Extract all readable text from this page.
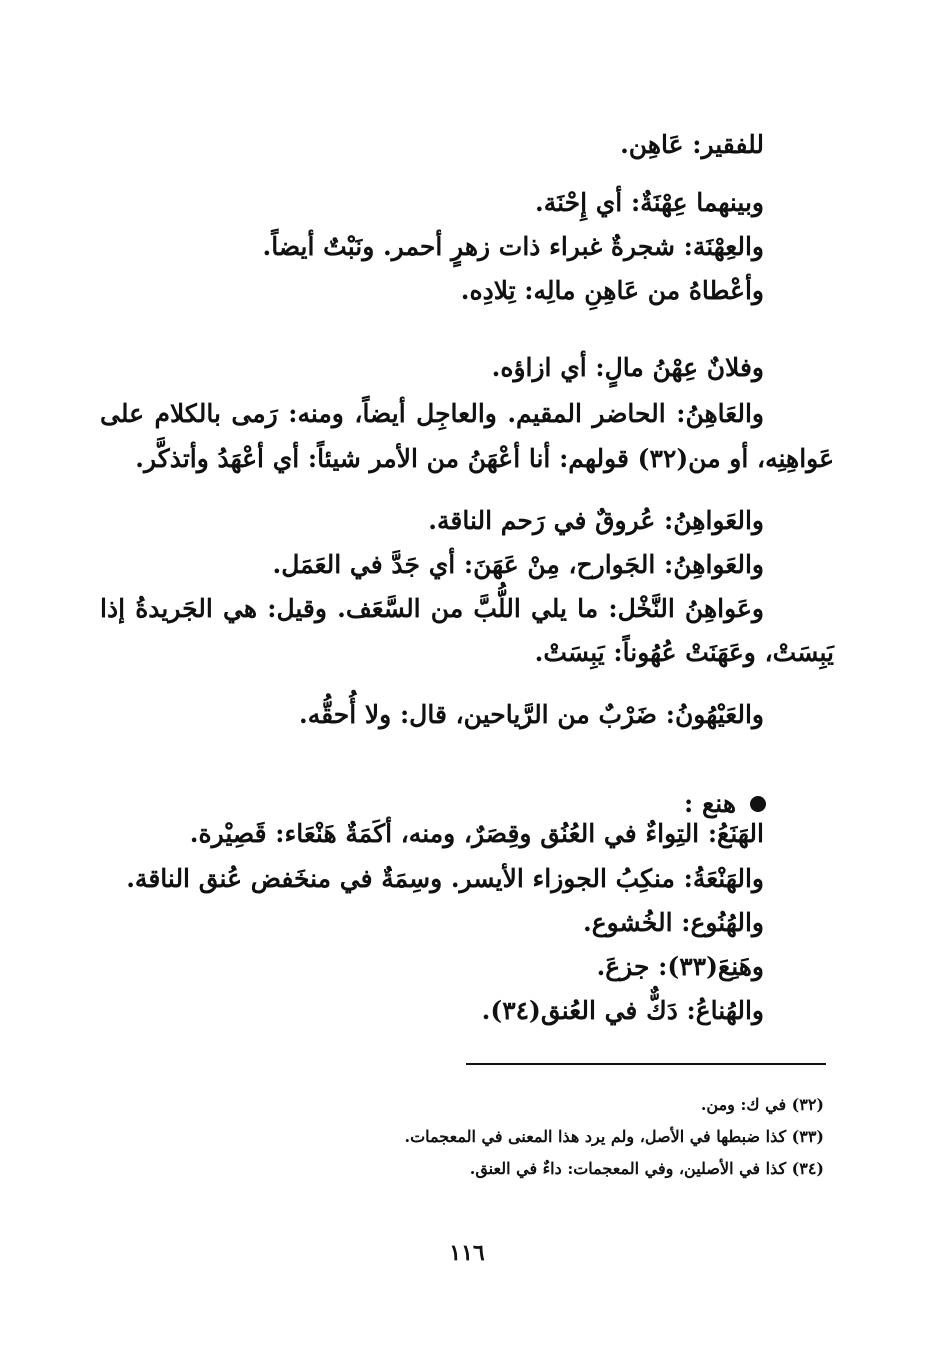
للفقير: عَاهِن.
وبينهما عِهْنَةٌ: أي إِحْنَة.
والعِهْنَة: شجرةٌ غبراء ذات زهرٍ أحمر. ونَبْتٌ أيضاً.
وأعْطاهُ من عَاهِنِ مالِه: تِلادِه.
وفلانٌ عِهْنُ مالٍ: أي ازاؤه.
والعَاهِنُ: الحاضر المقيم. والعاجِل أيضاً، ومنه: رَمى بالكلام على
عَواهِنِه، أو من(٣٢) قولهم: أنا أعْهَنُ من الأمر شيئاً: أي أعْهَدُ وأتذكَّر.
والعَواهِنُ: عُروقٌ في رَحم الناقة.
والعَواهِنُ: الجَوارح، مِنْ عَهَنَ: أي جَدَّ في العَمَل.
وعَواهِنُ النَّخْل: ما يلي اللُّبَّ من السَّعَف. وقيل: هي الجَريدةُ إذا
يَبِسَتْ، وعَهَنَتْ عُهُوناً: يَبِسَتْ.
والعَيْهُونُ: ضَرْبٌ من الرَّياحين، قال: ولا أُحقُّه.
هنع :
الهَنَعُ: التِواءٌ في العُنُق وقِصَرٌ، ومنه، أكَمَةٌ هَنْعَاء: قَصِيْرة.
والهَنْعَةُ: منكِبُ الجوزاء الأيسر. وسِمَةٌ في منخَفض عُنق الناقة.
والهُنُوع: الخُشوع.
وهَنِعَ(٣٣): جزعَ.
والهُناعُ: دَكٌّ في العُنق(٣٤).
(٣٢) في ك: ومن.
(٣٣) كذا ضبطها في الأصل، ولم يرد هذا المعنى في المعجمات.
(٣٤) كذا في الأصلين، وفي المعجمات: داءٌ في العنق.
١١٦
